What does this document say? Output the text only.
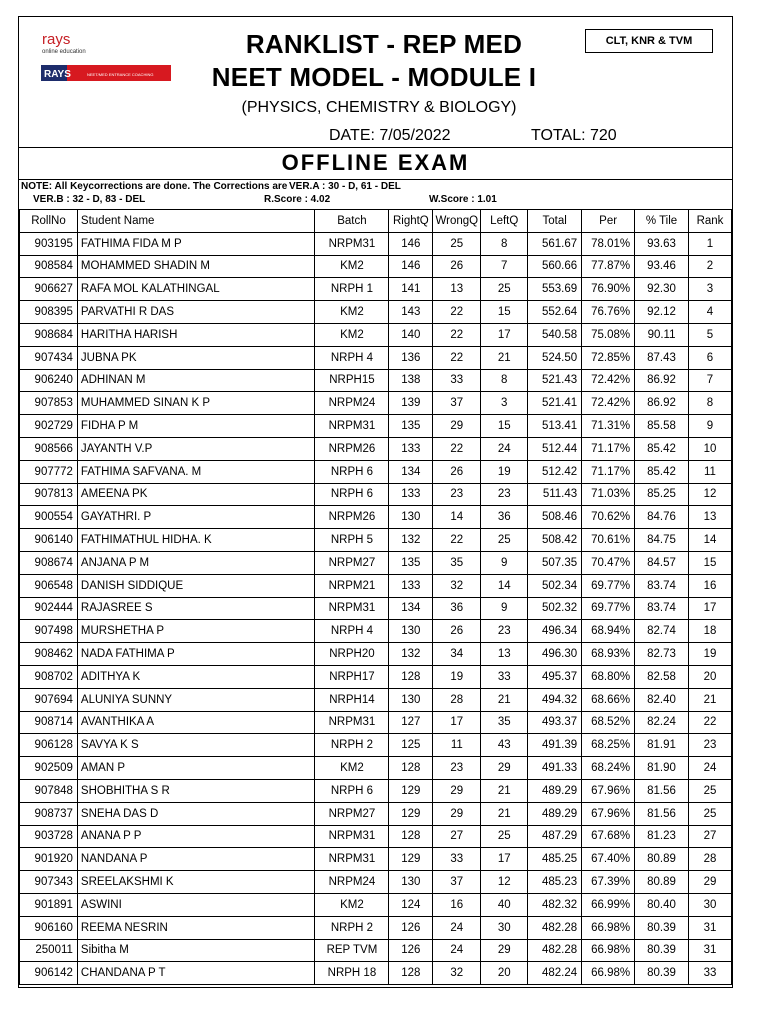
rays
online education
RAYS	NEET/MED ENTRANCE COACHING
RANKLIST - REP MED
NEET MODEL - MODULE I
(PHYSICS, CHEMISTRY & BIOLOGY)
DATE: 7/05/2022	TOTAL: 720
CLT, KNR & TVM
OFFLINE EXAM
NOTE: All Keycorrections are done. The Corrections are VER.A : 30 - D, 61 - DEL
VER.B : 32 - D, 83 - DEL	R.Score : 4.02	W.Score : 1.01
RollNo	Student Name	Batch	RightQ	WrongQ	LeftQ	Total	Per	% Tile	Rank
903195	FATHIMA FIDA M P	NRPM31	146	25	8	561.67	78.01%	93.63	1
908584	MOHAMMED SHADIN M	KM2	146	26	7	560.66	77.87%	93.46	2
906627	RAFA MOL KALATHINGAL	NRPH 1	141	13	25	553.69	76.90%	92.30	3
908395	PARVATHI R DAS	KM2	143	22	15	552.64	76.76%	92.12	4
908684	HARITHA HARISH	KM2	140	22	17	540.58	75.08%	90.11	5
907434	JUBNA PK	NRPH 4	136	22	21	524.50	72.85%	87.43	6
906240	ADHINAN M	NRPH15	138	33	8	521.43	72.42%	86.92	7
907853	MUHAMMED SINAN K P	NRPM24	139	37	3	521.41	72.42%	86.92	8
902729	FIDHA P M	NRPM31	135	29	15	513.41	71.31%	85.58	9
908566	JAYANTH V.P	NRPM26	133	22	24	512.44	71.17%	85.42	10
907772	FATHIMA SAFVANA. M	NRPH 6	134	26	19	512.42	71.17%	85.42	11
907813	AMEENA PK	NRPH 6	133	23	23	511.43	71.03%	85.25	12
900554	GAYATHRI. P	NRPM26	130	14	36	508.46	70.62%	84.76	13
906140	FATHIMATHUL HIDHA. K	NRPH 5	132	22	25	508.42	70.61%	84.75	14
908674	ANJANA P M	NRPM27	135	35	9	507.35	70.47%	84.57	15
906548	DANISH SIDDIQUE	NRPM21	133	32	14	502.34	69.77%	83.74	16
902444	RAJASREE S	NRPM31	134	36	9	502.32	69.77%	83.74	17
907498	MURSHETHA P	NRPH 4	130	26	23	496.34	68.94%	82.74	18
908462	NADA FATHIMA P	NRPH20	132	34	13	496.30	68.93%	82.73	19
908702	ADITHYA K	NRPH17	128	19	33	495.37	68.80%	82.58	20
907694	ALUNIYA SUNNY	NRPH14	130	28	21	494.32	68.66%	82.40	21
908714	AVANTHIKA A	NRPM31	127	17	35	493.37	68.52%	82.24	22
906128	SAVYA K S	NRPH 2	125	11	43	491.39	68.25%	81.91	23
902509	AMAN P	KM2	128	23	29	491.33	68.24%	81.90	24
907848	SHOBHITHA S R	NRPH 6	129	29	21	489.29	67.96%	81.56	25
908737	SNEHA DAS D	NRPM27	129	29	21	489.29	67.96%	81.56	25
903728	ANANA P P	NRPM31	128	27	25	487.29	67.68%	81.23	27
901920	NANDANA P	NRPM31	129	33	17	485.25	67.40%	80.89	28
907343	SREELAKSHMI K	NRPM24	130	37	12	485.23	67.39%	80.89	29
901891	ASWINI	KM2	124	16	40	482.32	66.99%	80.40	30
906160	REEMA NESRIN	NRPH 2	126	24	30	482.28	66.98%	80.39	31
250011	Sibitha M	REP TVM	126	24	29	482.28	66.98%	80.39	31
906142	CHANDANA P T	NRPH 18	128	32	20	482.24	66.98%	80.39	33
